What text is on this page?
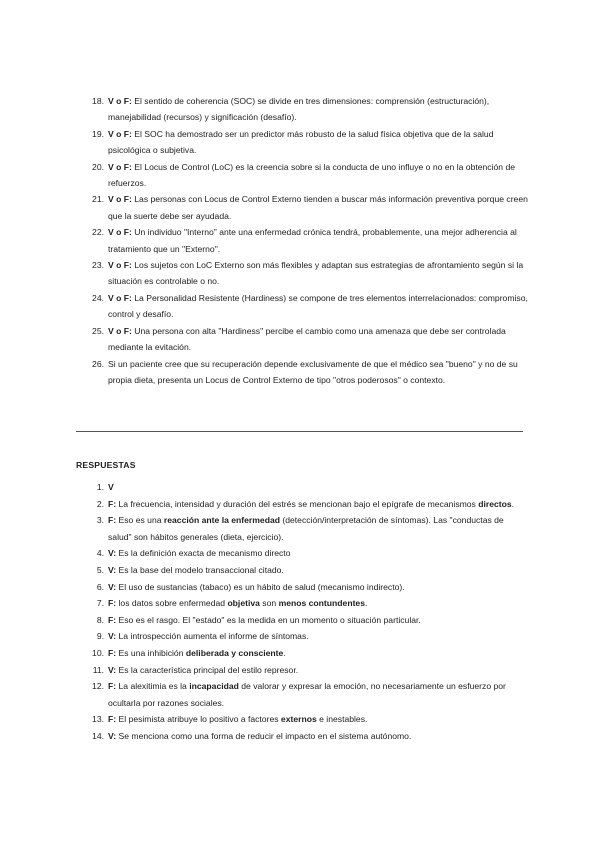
18. V o F: El sentido de coherencia (SOC) se divide en tres dimensiones: comprensión (estructuración), manejabilidad (recursos) y significación (desafío).
19. V o F: El SOC ha demostrado ser un predictor más robusto de la salud física objetiva que de la salud psicológica o subjetiva.
20. V o F: El Locus de Control (LoC) es la creencia sobre si la conducta de uno influye o no en la obtención de refuerzos.
21. V o F: Las personas con Locus de Control Externo tienden a buscar más información preventiva porque creen que la suerte debe ser ayudada.
22. V o F: Un individuo "Interno" ante una enfermedad crónica tendrá, probablemente, una mejor adherencia al tratamiento que un "Externo".
23. V o F: Los sujetos con LoC Externo son más flexibles y adaptan sus estrategias de afrontamiento según si la situación es controlable o no.
24. V o F: La Personalidad Resistente (Hardiness) se compone de tres elementos interrelacionados: compromiso, control y desafío.
25. V o F: Una persona con alta "Hardiness" percibe el cambio como una amenaza que debe ser controlada mediante la evitación.
26. Si un paciente cree que su recuperación depende exclusivamente de que el médico sea "bueno" y no de su propia dieta, presenta un Locus de Control Externo de tipo "otros poderosos" o contexto.
RESPUESTAS
1. V
2. F: La frecuencia, intensidad y duración del estrés se mencionan bajo el epígrafe de mecanismos directos.
3. F: Eso es una reacción ante la enfermedad (detección/interpretación de síntomas). Las "conductas de salud" son hábitos generales (dieta, ejercicio).
4. V: Es la definición exacta de mecanismo directo
5. V: Es la base del modelo transaccional citado.
6. V: El uso de sustancias (tabaco) es un hábito de salud (mecanismo indirecto).
7. F: los datos sobre enfermedad objetiva son menos contundentes.
8. F: Eso es el rasgo. El "estado" es la medida en un momento o situación particular.
9. V: La introspección aumenta el informe de síntomas.
10. F: Es una inhibición deliberada y consciente.
11. V: Es la característica principal del estilo represor.
12. F: La alexitimia es la incapacidad de valorar y expresar la emoción, no necesariamente un esfuerzo por ocultarla por razones sociales.
13. F: El pesimista atribuye lo positivo a factores externos e inestables.
14. V: Se menciona como una forma de reducir el impacto en el sistema autónomo.
